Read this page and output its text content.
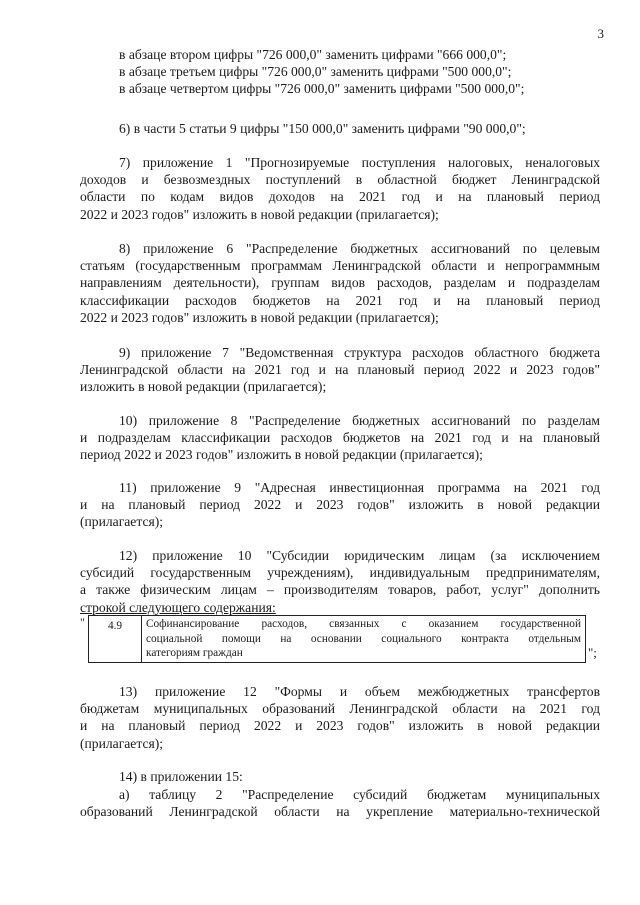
3
в абзаце втором цифры "726 000,0" заменить цифрами "666 000,0";
в абзаце третьем цифры "726 000,0" заменить цифрами "500 000,0";
в абзаце четвертом цифры "726 000,0" заменить цифрами "500 000,0";
6) в части 5 статьи 9 цифры "150 000,0" заменить цифрами "90 000,0";
7) приложение 1 "Прогнозируемые поступления налоговых, неналоговых
доходов и безвозмездных поступлений в областной бюджет Ленинградской
области по кодам видов доходов на 2021 год и на плановый период
2022 и 2023 годов" изложить в новой редакции (прилагается);
8) приложение 6 "Распределение бюджетных ассигнований по целевым
статьям (государственным программам Ленинградской области и непрограммным
направлениям деятельности), группам видов расходов, разделам и подразделам
классификации расходов бюджетов на 2021 год и на плановый период
2022 и 2023 годов" изложить в новой редакции (прилагается);
9) приложение 7 "Ведомственная структура расходов областного бюджета
Ленинградской области на 2021 год и на плановый период 2022 и 2023 годов"
изложить в новой редакции (прилагается);
10) приложение 8 "Распределение бюджетных ассигнований по разделам
и подразделам классификации расходов бюджетов на 2021 год и на плановый
период 2022 и 2023 годов" изложить в новой редакции (прилагается);
11) приложение 9 "Адресная инвестиционная программа на 2021 год
и на плановый период 2022 и 2023 годов" изложить в новой редакции
(прилагается);
12) приложение 10 "Субсидии юридическим лицам (за исключением
субсидий государственным учреждениям), индивидуальным предпринимателям,
а также физическим лицам – производителям товаров, работ, услуг" дополнить
строкой следующего содержания:
" 4.9	Софинансирование расходов, связанных с оказанием государственной
социальной помощи на основании социального контракта отдельным
категориям граждан	";
13) приложение 12 "Формы и объем межбюджетных трансфертов
бюджетам муниципальных образований Ленинградской области на 2021 год
и на плановый период 2022 и 2023 годов" изложить в новой редакции
(прилагается);
14) в приложении 15:
а) таблицу 2 "Распределение субсидий бюджетам муниципальных
образований Ленинградской области на укрепление материально-технической
